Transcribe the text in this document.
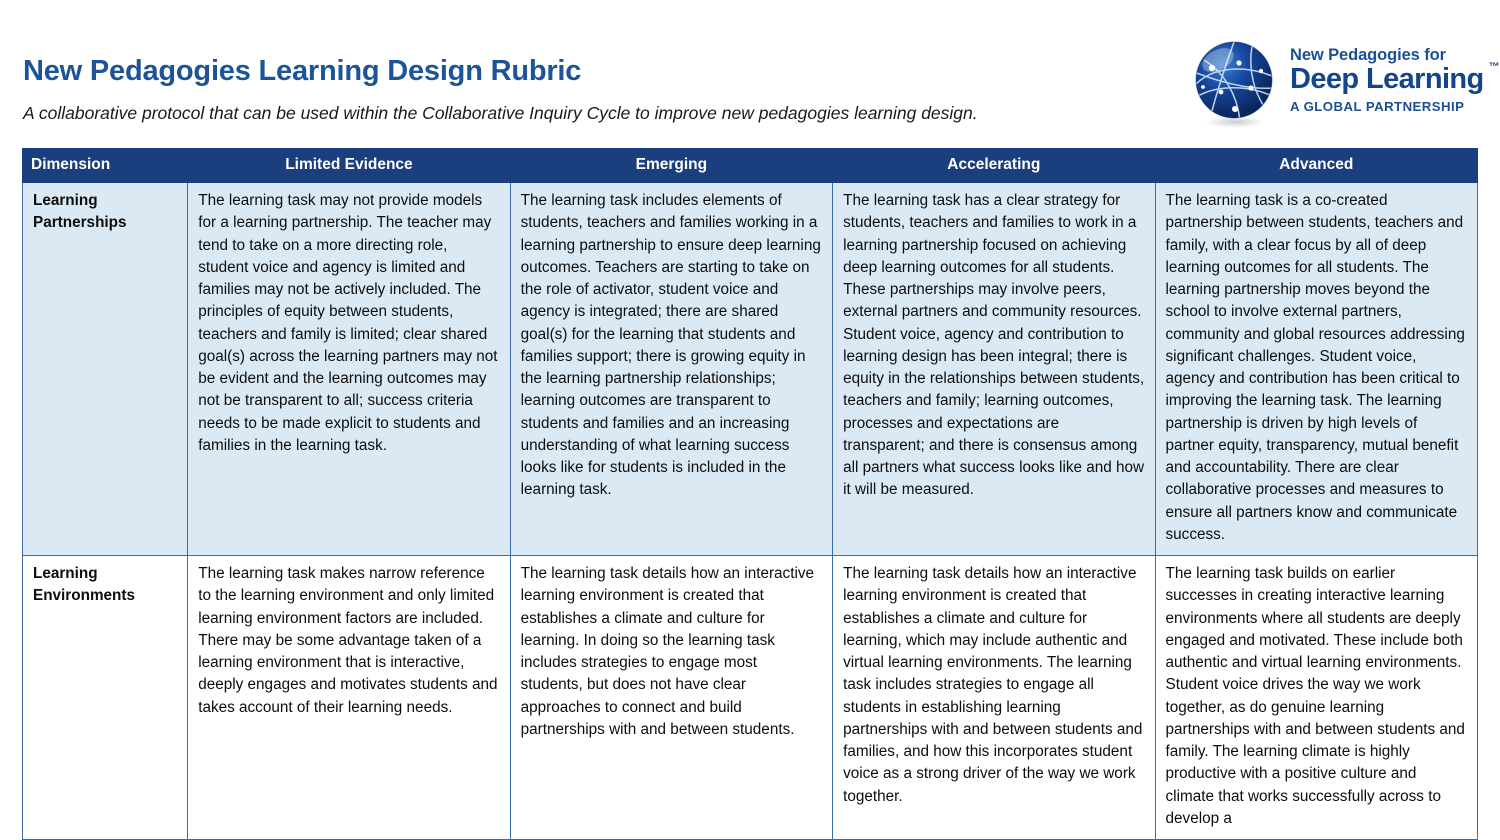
New Pedagogies Learning Design Rubric
A collaborative protocol that can be used within the Collaborative Inquiry Cycle to improve new pedagogies learning design.
New Pedagogies for
Deep Learning ™
A GLOBAL PARTNERSHIP
Dimension	Limited Evidence	Emerging	Accelerating	Advanced
Learning Partnerships	The learning task may not provide models for a learning partnership. The teacher may tend to take on a more directing role, student voice and agency is limited and families may not be actively included. The principles of equity between students, teachers and family is limited; clear shared goal(s) across the learning partners may not be evident and the learning outcomes may not be transparent to all; success criteria needs to be made explicit to students and families in the learning task.	The learning task includes elements of students, teachers and families working in a learning partnership to ensure deep learning outcomes. Teachers are starting to take on the role of activator, student voice and agency is integrated; there are shared goal(s) for the learning that students and families support; there is growing equity in the learning partnership relationships; learning outcomes are transparent to students and families and an increasing understanding of what learning success looks like for students is included in the learning task.	The learning task has a clear strategy for students, teachers and families to work in a learning partnership focused on achieving deep learning outcomes for all students. These partnerships may involve peers, external partners and community resources. Student voice, agency and contribution to learning design has been integral; there is equity in the relationships between students, teachers and family; learning outcomes, processes and expectations are transparent; and there is consensus among all partners what success looks like and how it will be measured.	The learning task is a co-created partnership between students, teachers and family, with a clear focus by all of deep learning outcomes for all students. The learning partnership moves beyond the school to involve external partners, community and global resources addressing significant challenges. Student voice, agency and contribution has been critical to improving the learning task. The learning partnership is driven by high levels of partner equity, transparency, mutual benefit and accountability. There are clear collaborative processes and measures to ensure all partners know and communicate success.
Learning Environments	The learning task makes narrow reference to the learning environment and only limited learning environment factors are included. There may be some advantage taken of a learning environment that is interactive, deeply engages and motivates students and takes account of their learning needs.	The learning task details how an interactive learning environment is created that establishes a climate and culture for learning. In doing so the learning task includes strategies to engage most students, but does not have clear approaches to connect and build partnerships with and between students.	The learning task details how an interactive learning environment is created that establishes a climate and culture for learning, which may include authentic and virtual learning environments. The learning task includes strategies to engage all students in establishing learning partnerships with and between students and families, and how this incorporates student voice as a strong driver of the way we work together.	The learning task builds on earlier successes in creating interactive learning environments where all students are deeply engaged and motivated. These include both authentic and virtual learning environments. Student voice drives the way we work together, as do genuine learning partnerships with and between students and family. The learning climate is highly productive with a positive culture and climate that works successfully across to develop a
